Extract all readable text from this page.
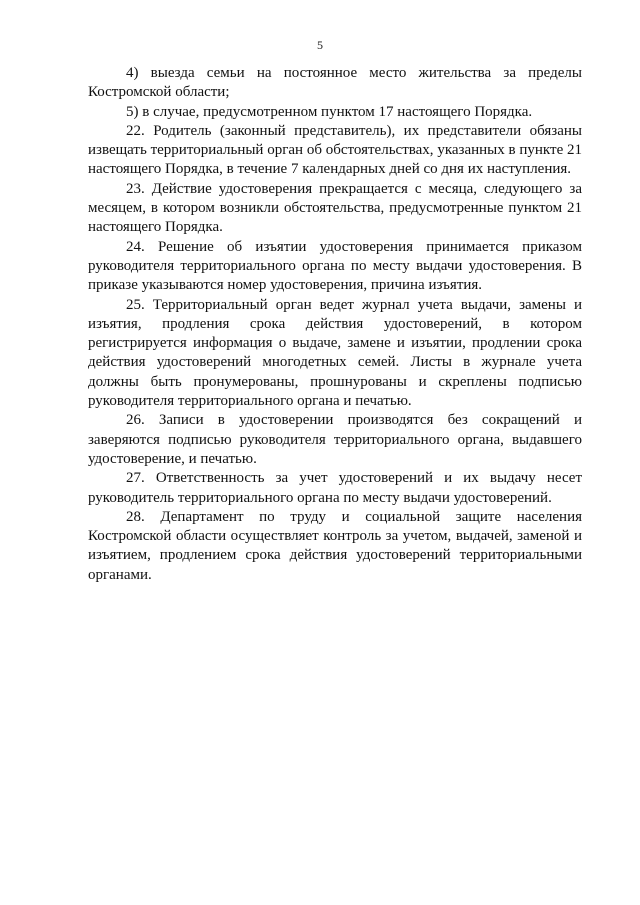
5

4) выезда семьи на постоянное место жительства за пределы Костромской области;

5) в случае, предусмотренном пунктом 17 настоящего Порядка.

22. Родитель (законный представитель), их представители обязаны извещать территориальный орган об обстоятельствах, указанных в пункте 21 настоящего Порядка, в течение 7 календарных дней со дня их наступления.

23. Действие удостоверения прекращается с месяца, следующего за месяцем, в котором возникли обстоятельства, предусмотренные пунктом 21 настоящего Порядка.

24. Решение об изъятии удостоверения принимается приказом руководителя территориального органа по месту выдачи удостоверения. В приказе указываются номер удостоверения, причина изъятия.

25. Территориальный орган ведет журнал учета выдачи, замены и изъятия, продления срока действия удостоверений, в котором регистрируется информация о выдаче, замене и изъятии, продлении срока действия удостоверений многодетных семей. Листы в журнале учета должны быть пронумерованы, прошнурованы и скреплены подписью руководителя территориального органа и печатью.

26. Записи в удостоверении производятся без сокращений и заверяются подписью руководителя территориального органа, выдавшего удостоверение, и печатью.

27. Ответственность за учет удостоверений и их выдачу несет руководитель территориального органа по месту выдачи удостоверений.

28. Департамент по труду и социальной защите населения Костромской области осуществляет контроль за учетом, выдачей, заменой и изъятием, продлением срока действия удостоверений территориальными органами.
